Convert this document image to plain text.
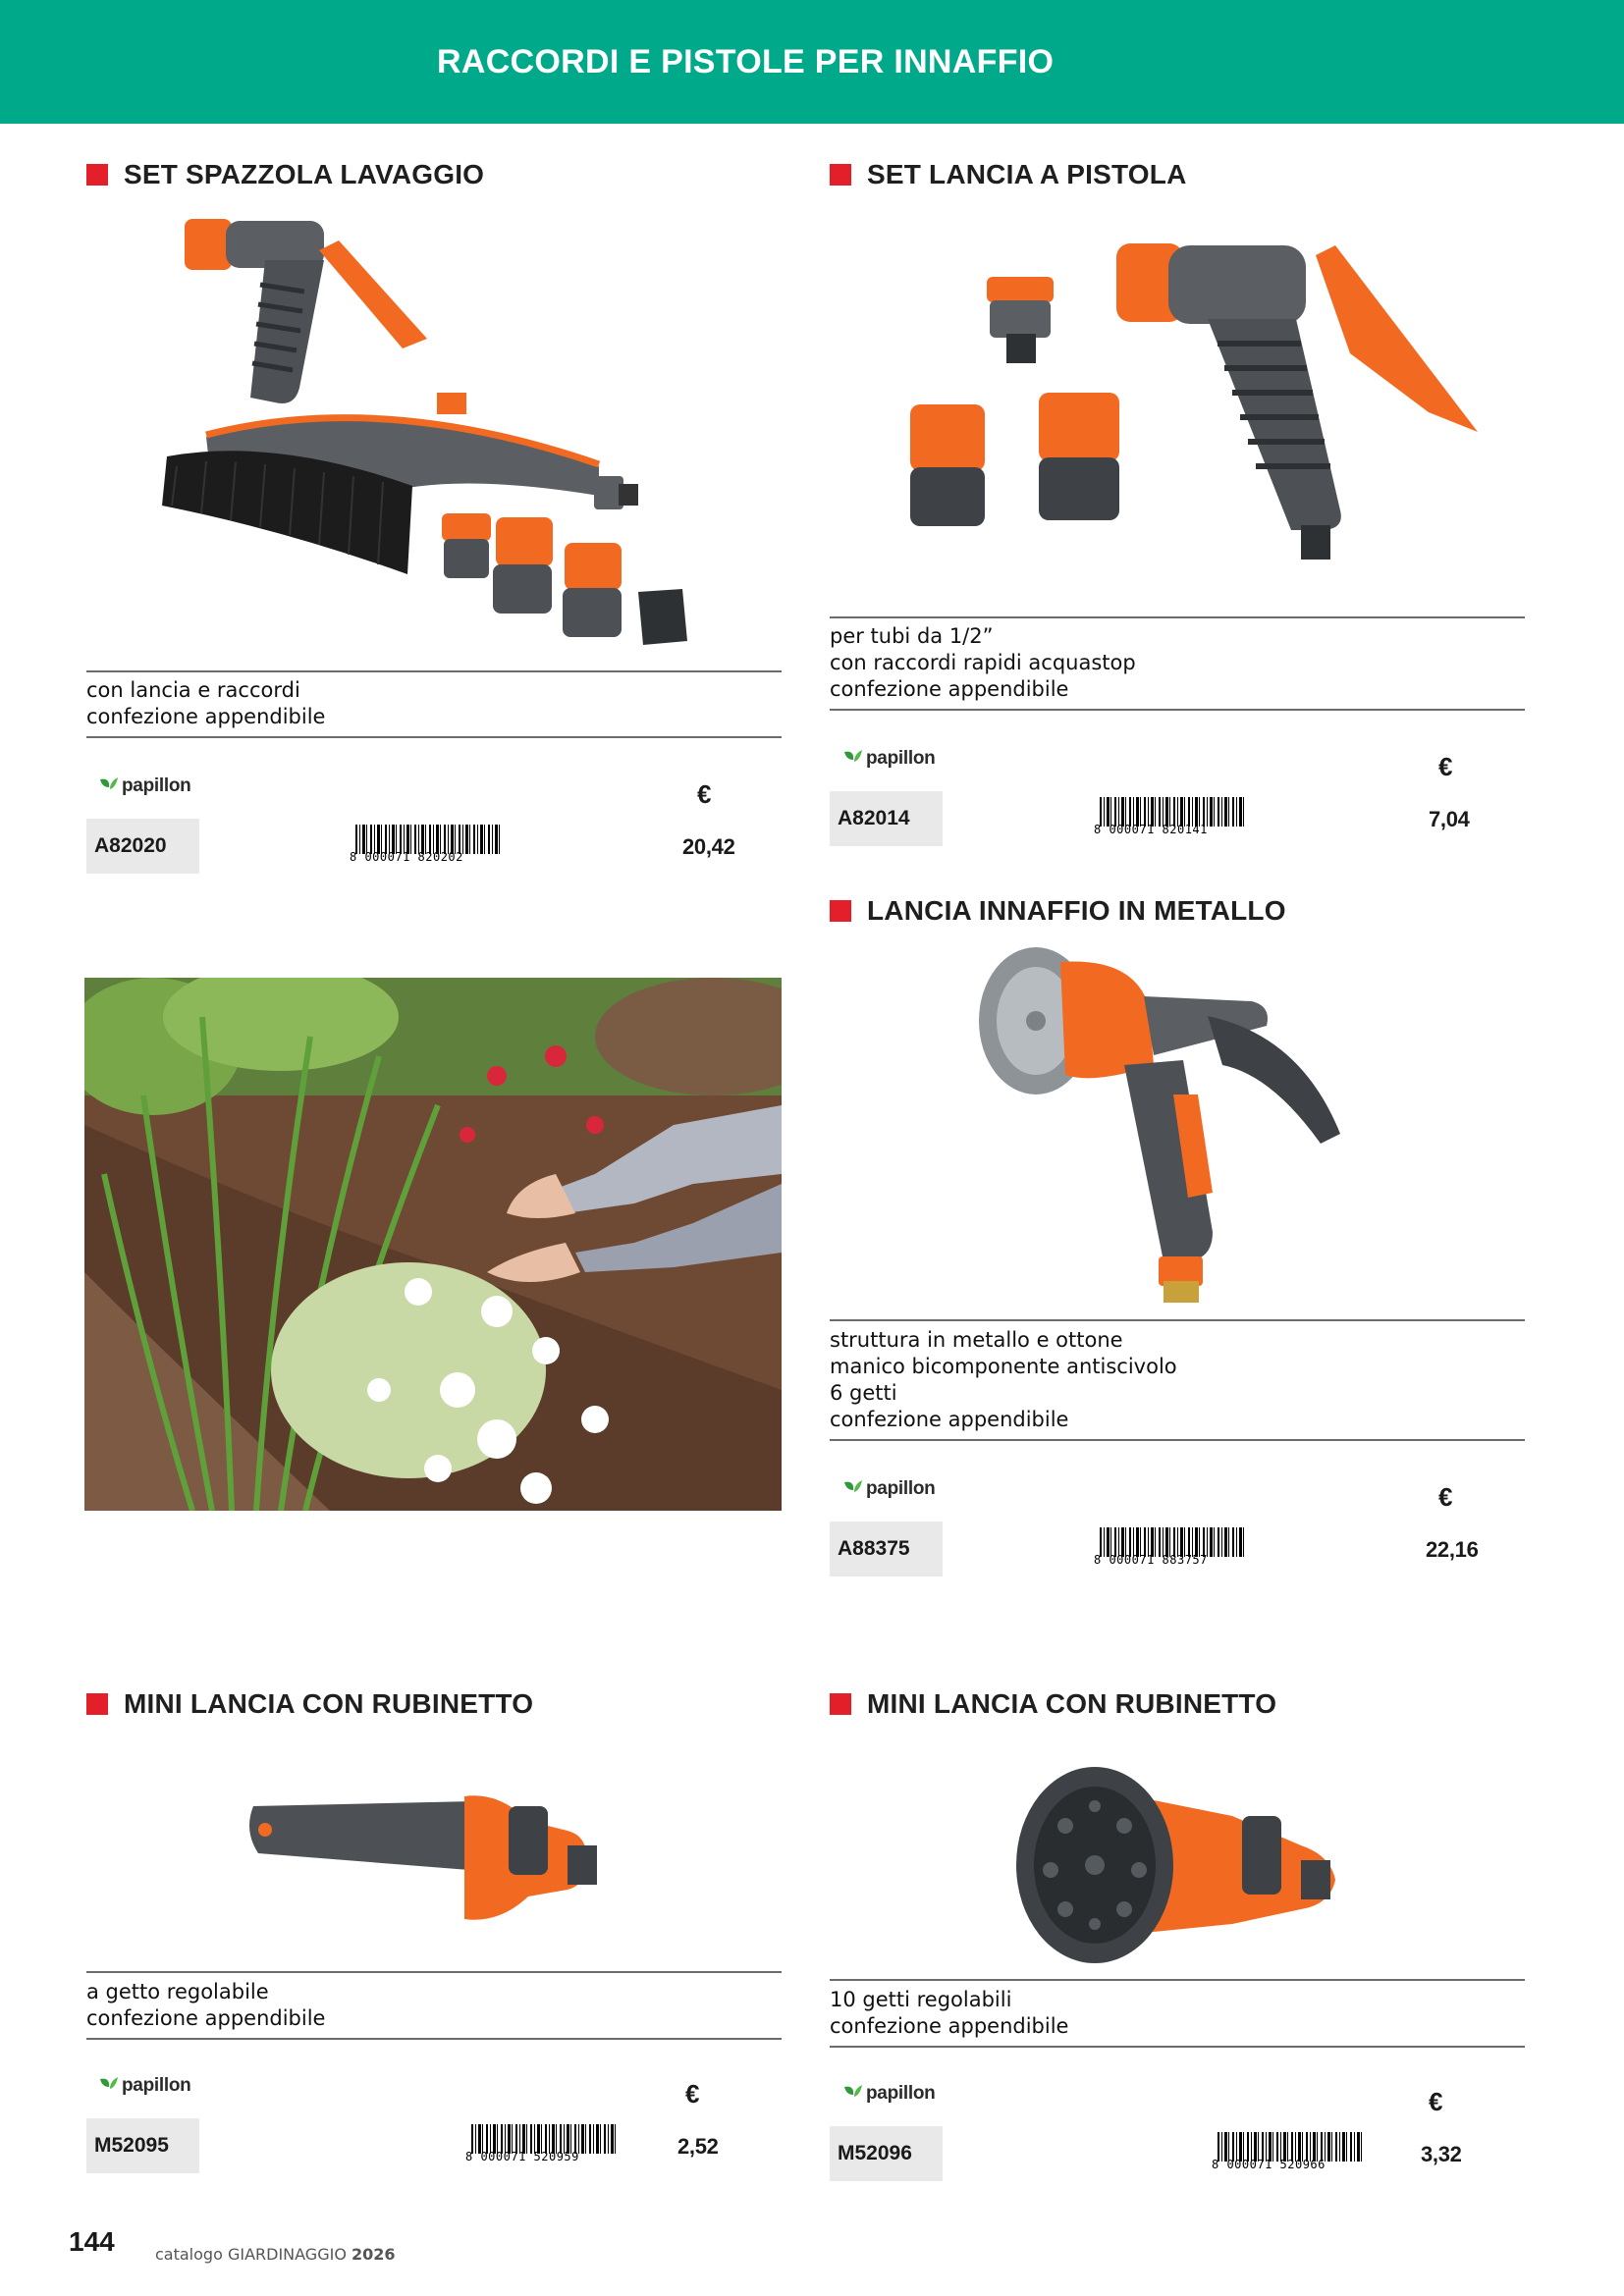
RACCORDI E PISTOLE PER INNAFFIO
SET SPAZZOLA LAVAGGIO
con lancia e raccordi
confezione appendibile
papillon	€
A82020	8 000071 820202	20,42
SET LANCIA A PISTOLA
per tubi da 1/2”
con raccordi rapidi acquastop
confezione appendibile
papillon	€
A82014	8 000071 820141	7,04
LANCIA INNAFFIO IN METALLO
struttura in metallo e ottone
manico bicomponente antiscivolo
6 getti
confezione appendibile
papillon	€
A88375	8 000071 883757	22,16
MINI LANCIA CON RUBINETTO
a getto regolabile
confezione appendibile
papillon	€
M52095	8 000071 520959	2,52
MINI LANCIA CON RUBINETTO
10 getti regolabili
confezione appendibile
papillon	€
M52096	8 000071 520966	3,32
144	catalogo GIARDINAGGIO 2026
